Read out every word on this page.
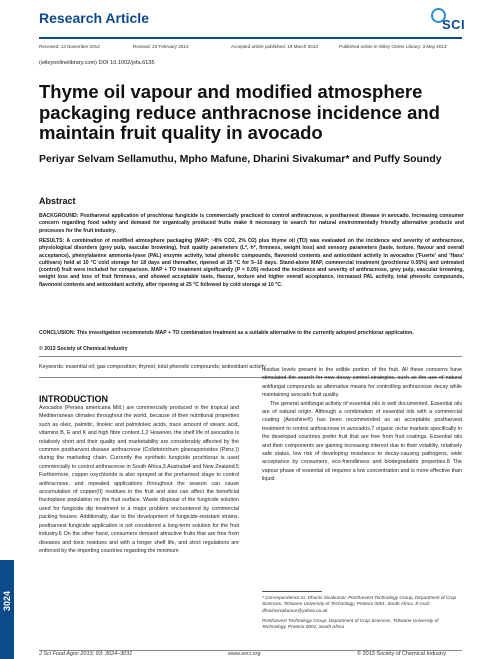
Research Article	SCI
Received: 13 November 2012	Revised: 22 February 2013	Accepted article published: 19 March 2013	Published online in Wiley Online Library: 3 May 2013
(wileyonlinelibrary.com) DOI 10.1002/jsfa.6135
Thyme oil vapour and modified atmosphere packaging reduce anthracnose incidence and maintain fruit quality in avocado
Periyar Selvam Sellamuthu, Mpho Mafune, Dharini Sivakumar* and Puffy Soundy
Abstract
BACKGROUND: Postharvest application of prochloraz fungicide is commercially practiced to control anthracnose, a postharvest disease in avocado. Increasing consumer concern regarding food safety and demand for organically produced fruits make it necessary to search for natural environmentally friendly alternative products and processes for the fruit industry.
RESULTS: A combination of modified atmosphere packaging (MAP; ~8% CO2, 2% O2) plus thyme oil (TO) was evaluated on the incidence and severity of anthracnose, physiological disorders (grey pulp, vascular browning), fruit quality parameters (L*, h*, firmness, weight loss) and sensory parameters (taste, texture, flavour and overall acceptance), phenylalanine ammonia-lyase (PAL) enzyme activity, total phenolic compounds, flavonoid contents and antioxidant activity in avocados ('Fuerte' and 'Hass' cultivars) held at 10 °C cold storage for 18 days and thereafter, ripened at 25 °C for 5–10 days. Stand-alone MAP, commercial treatment (prochloraz 0.05%) and untreated (control) fruit were included for comparison. MAP + TO treatment significantly (P < 0.05) reduced the incidence and severity of anthracnose, grey pulp, vascular browning, weight loss and loss of fruit firmness, and showed acceptable taste, flavour, texture and higher overall acceptance, increased PAL activity, total phenolic compounds, flavonoid contents and antioxidant activity, after ripening at 25 °C followed by cold storage at 10 °C.
CONCLUSION: This investigation recommends MAP + TO combination treatment as a suitable alternative to the currently adopted prochloraz application.
© 2013 Society of Chemical Industry
Keywords: essential oil; gas composition; thymol; total phenolic compounds; antioxidant activity
INTRODUCTION

Avocados (Persea americana Mill.) are commercially produced in the tropical and Mediterranean climates throughout the world, because of their nutritional properties such as oleic, palmitic, linoleic and palmitoleic acids, trace amount of stearic acid, vitamins B, E and K and high fibre content.1,2 However, the shelf life of avocados is relatively short and their quality and marketability are considerably affected by the common postharvest disease anthracnose (Colletotrichum gloeosporioides (Penz.)) during the marketing chain. Currently the synthetic fungicide prochloraz is used commercially to control anthracnose in South Africa,3 Australia4 and New Zealand.5 Furthermore, copper oxychloride is also sprayed at the preharvest stage to control anthracnose, and repeated applications throughout the season can cause accumulation of copper(II) residues in the fruit and also can affect the beneficial fructoplane population on the fruit surface. Waste disposal of the fungicide solution used for fungicide dip treatment is a major problem encountered by commercial packing houses. Additionally, due to the development of fungicide-resistant strains, postharvest fungicide application is not considered a long-term solution for the fruit industry.6 On the other hand, consumers demand attractive fruits that are free from diseases and toxic residues and with a longer shelf life, and strict regulations are enforced by the importing countries regarding the minimum

residue levels present in the edible portion of the fruit. All these concerns have stimulated the search for new decay control strategies, such as the use of natural antifungal compounds as alternative means for controlling anthracnose decay while maintaining avocado fruit quality.

The general antifungal activity of essential oils is well documented. Essential oils are of natural origin. Although a combination of essential oils with a commercial coating (Avoshine®) has been recommended as an acceptable postharvest treatment to control anthracnose in avocados,7 organic niche markets specifically in the developed countries prefer fruit that are free from fruit coatings. Essential oils and their components are gaining increasing interest due to their volatility, relatively safe status, low risk of developing resistance to decay-causing pathogens, wide acceptance by consumers, eco-friendliness and biodegradable properties.8 The vapour phase of essential oil requires a low concentration and is more effective than liquid

* Correspondence to: Dharini Sivakumar, Postharvest Technology Group, Department of Crop Sciences, Tshwane University of Technology, Pretoria 0001, South Africa. E-mail: dharinisivakumar@yahoo.co.uk
Postharvest Technology Group, Department of Crop Sciences, Tshwane University of Technology, Pretoria 0001, South Africa
3024
J Sci Food Agric 2013; 93: 3024–3031	www.soci.org	© 2013 Society of Chemical Industry
